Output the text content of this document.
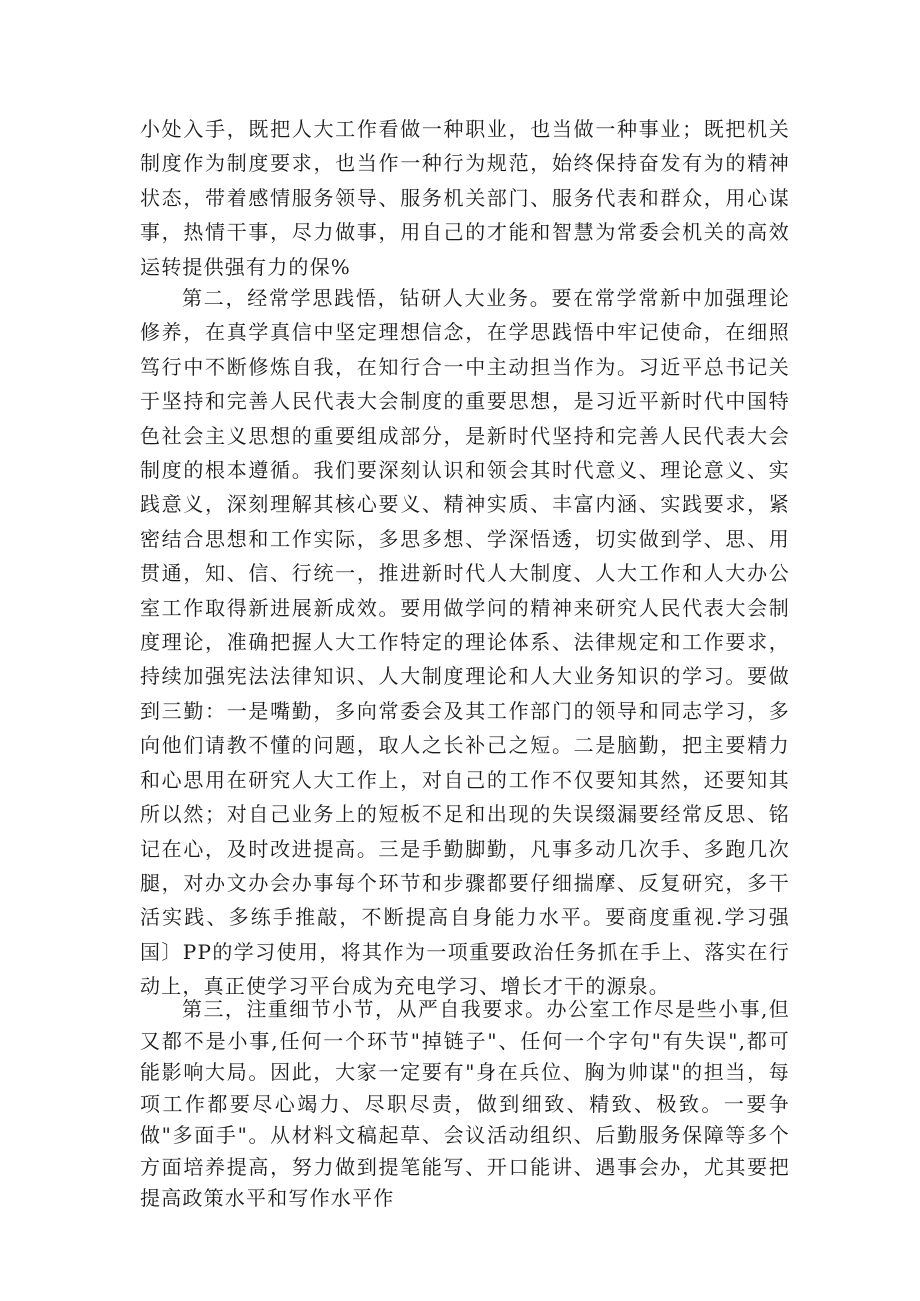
小处入手，既把人大工作看做一种职业，也当做一种事业；既把机关制度作为制度要求，也当作一种行为规范，始终保持奋发有为的精神状态，带着感情服务领导、服务机关部门、服务代表和群众，用心谋事，热情干事，尽力做事，用自己的才能和智慧为常委会机关的高效运转提供强有力的保%

第二，经常学思践悟，钻研人大业务。要在常学常新中加强理论修养，在真学真信中坚定理想信念，在学思践悟中牢记使命，在细照笃行中不断修炼自我，在知行合一中主动担当作为。习近平总书记关于坚持和完善人民代表大会制度的重要思想，是习近平新时代中国特色社会主义思想的重要组成部分，是新时代坚持和完善人民代表大会制度的根本遵循。我们要深刻认识和领会其时代意义、理论意义、实践意义，深刻理解其核心要义、精神实质、丰富内涵、实践要求，紧密结合思想和工作实际，多思多想、学深悟透，切实做到学、思、用贯通，知、信、行统一，推进新时代人大制度、人大工作和人大办公室工作取得新进展新成效。要用做学问的精神来研究人民代表大会制度理论，准确把握人大工作特定的理论体系、法律规定和工作要求，持续加强宪法法律知识、人大制度理论和人大业务知识的学习。要做到三勤：一是嘴勤，多向常委会及其工作部门的领导和同志学习，多向他们请教不懂的问题，取人之长补己之短。二是脑勤，把主要精力和心思用在研究人大工作上，对自己的工作不仅要知其然，还要知其所以然；对自己业务上的短板不足和出现的失误缀漏要经常反思、铭记在心，及时改进提高。三是手勤脚勤，凡事多动几次手、多跑几次腿，对办文办会办事每个环节和步骤都要仔细揣摩、反复研究，多干活实践、多练手推敲，不断提高自身能力水平。要商度重视.学习强国〕PP的学习使用，将其作为一项重要政治任务抓在手上、落实在行动上，真正使学习平台成为充电学习、增长才干的源泉。

第三，注重细节小节，从严自我要求。办公室工作尽是些小事,但又都不是小事,任何一个环节"掉链子"、任何一个字句"有失误",都可能影响大局。因此，大家一定要有"身在兵位、胸为帅谋"的担当，每项工作都要尽心竭力、尽职尽责，做到细致、精致、极致。一要争做"多面手"。从材料文稿起草、会议活动组织、后勤服务保障等多个方面培养提高，努力做到提笔能写、开口能讲、遇事会办，尤其要把提高政策水平和写作水平作
